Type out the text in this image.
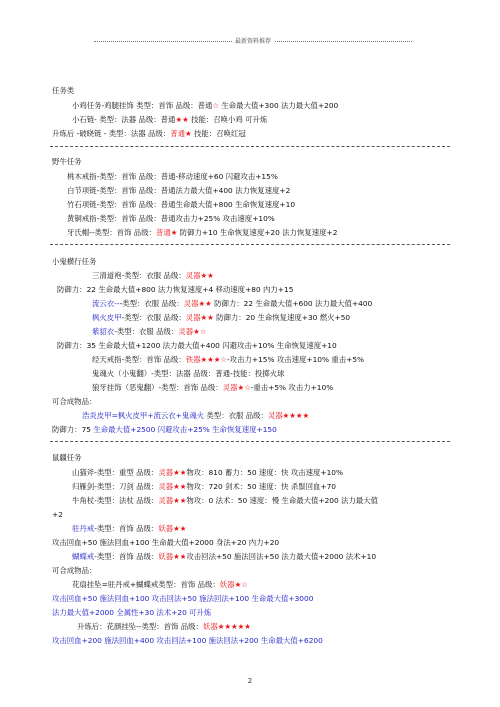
最新资料推荐
任务类
小鸡任务-鸡腿挂饰 类型：首饰 品级：普通☆ 生命最大值+300 法力最大值+200
小石链- 类型：法器 品级：普通★★ 技能：召唤小鸡 可升炼
升炼后 -破晓链 - 类型：法器 品级：普通★ 技能：召唤红冠
野牛任务
桃木戒指-类型：首饰 品级：普通-移动速度+60 闪避攻击+15%
白节项链-类型：首饰 品级：普通法力最大值+400 法力恢复速度+2
竹石项链-类型：首饰 品级：普通生命最大值+800 生命恢复速度+10
黄铜戒指-类型：首饰 品级：普通攻击力+25% 攻击速度+10%
牙氏帽--类型：首饰 品级：普通★ 防御力+10 生命恢复速度+20 法力恢复速度+2
小鬼横行任务
三清道袍-类型：衣服 品级：灵器★★
防御力：22 生命最大值+800 法力恢复速度+4 移动速度+80 内力+15
流云衣---类型：衣服 品级：灵器★★ 防御力：22 生命最大值+600 法力最大值+400
枫火皮甲-类型：衣服 品级：灵器★★ 防御力：20 生命恢复速度+30 燃火+50
紫貂衣-类型：衣服 品级：灵器★☆
防御力：35 生命最大值+1200 法力最大值+400 闪避攻击+10% 生命恢复速度+10
经天戒指-类型：首饰 品级：铁器★★★☆-攻击力+15% 攻击速度+10% 重击+5%
鬼魂火（小鬼翻）-类型：法器 品级：普通-技能：投掷火球
狼牙挂饰（恶鬼翻）-类型：首饰 品级：灵器★☆-重击+5% 攻击力+10%
可合成物品：
浩炎皮甲=枫火皮甲+流云衣+鬼魂火 类型：衣服 品级：灵器★★★★
防御力：75 生命最大值+2500 闪避攻击+25% 生命恢复速度+150
鼠疆任务
山猫斧-类型：重型 品级：灵器★★物攻：810 蓄力：50 速度：快 攻击速度+10%
归雁剑-类型：刀剑 品级：灵器★★物攻：720 剑术：50 速度：快 杀鬃回血+70
牛角杖-类型：法杖 品级：灵器★★物攻：0 法术：50 速度：慢 生命最大值+200 法力最大值
+2
驻丹戒-类型：首饰 品级：妖器★★
攻击回血+50 施法回血+100 生命最大值+2000 身法+20 内力+20
蝴蝶戒-类型：首饰 品级：妖器★★攻击回法+50 施法回法+50 法力最大值+2000 法术+10
可合成物品：
花扇挂坠=驻丹戒+蝴蝶戒类型：首饰 品级：妖器★☆
攻击回血+50 施法回血+100 攻击回法+50 施法回法+100 生命最大值+3000
法力最大值+2000 全属性+30 法术+20 可升炼
升炼后：花颜挂坠--类型：首饰 品级：妖器★★★★★
攻击回血+200 施法回血+400 攻击回法+100 施法回法+200 生命最大值+6200
2
